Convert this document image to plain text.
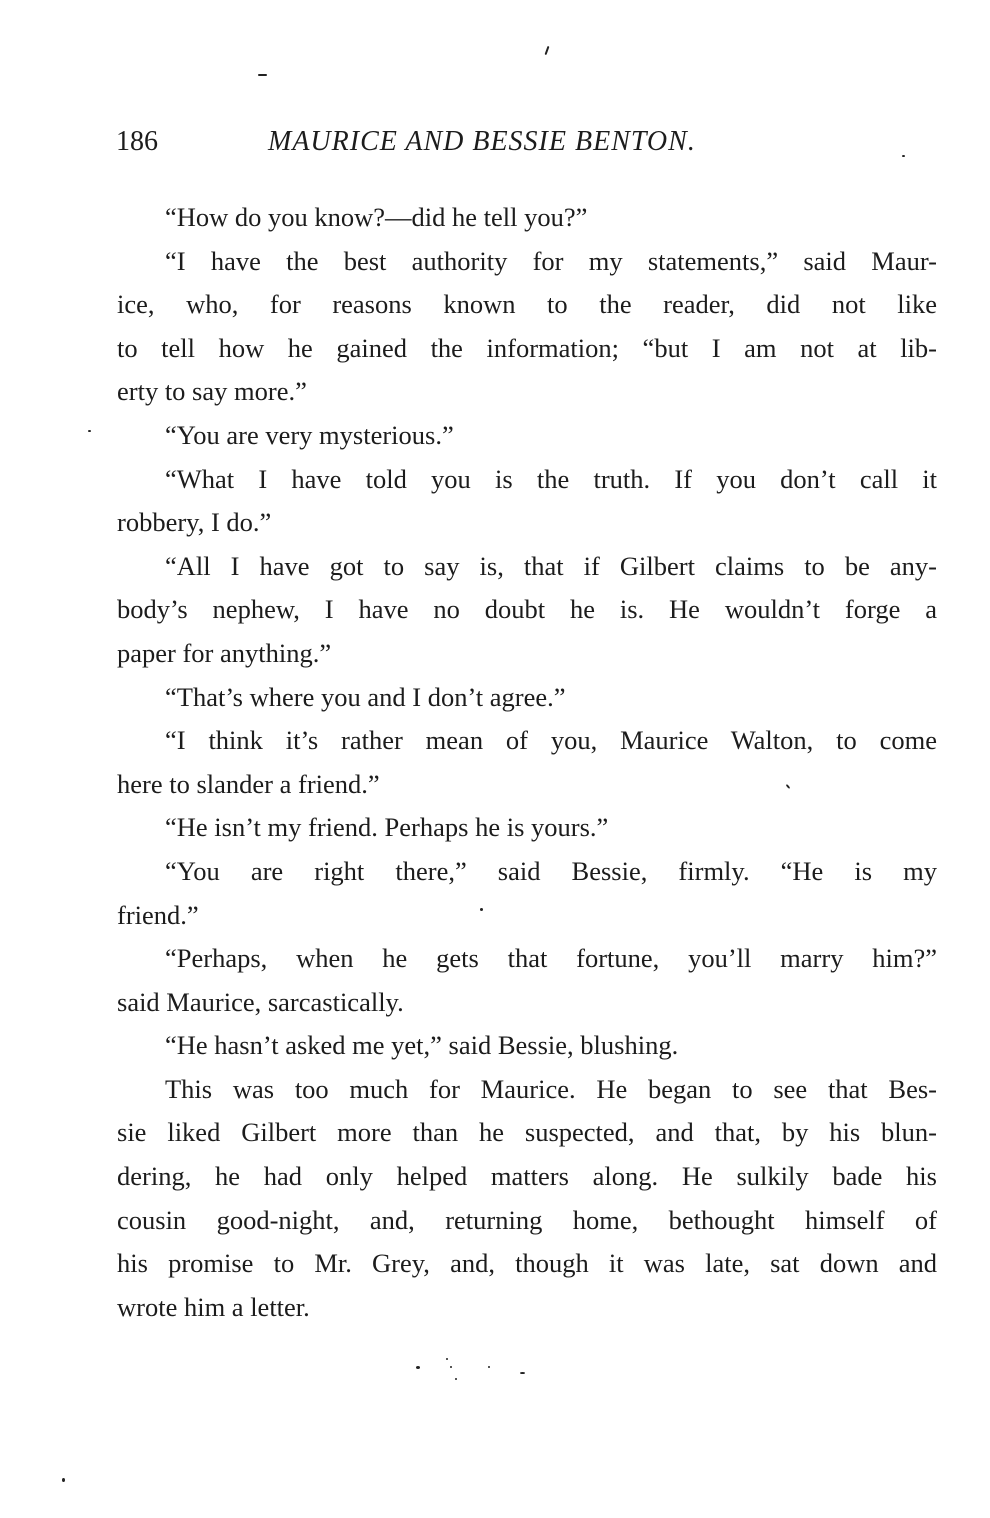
186	MAURICE AND BESSIE BENTON.
“How do you know?—did he tell you?”
“I have the best authority for my statements,” said Maur-
ice, who, for reasons known to the reader, did not like
to tell how he gained the information; “but I am not at lib-
erty to say more.”
“You are very mysterious.”
“What I have told you is the truth. If you don’t call it
robbery, I do.”
“All I have got to say is, that if Gilbert claims to be any-
body’s nephew, I have no doubt he is. He wouldn’t forge a
paper for anything.”
“That’s where you and I don’t agree.”
“I think it’s rather mean of you, Maurice Walton, to come
here to slander a friend.”
“He isn’t my friend. Perhaps he is yours.”
“You are right there,” said Bessie, firmly. “He is my
friend.”
“Perhaps, when he gets that fortune, you’ll marry him?”
said Maurice, sarcastically.
“He hasn’t asked me yet,” said Bessie, blushing.
This was too much for Maurice. He began to see that Bes-
sie liked Gilbert more than he suspected, and that, by his blun-
dering, he had only helped matters along. He sulkily bade his
cousin good-night, and, returning home, bethought himself of
his promise to Mr. Grey, and, though it was late, sat down and
wrote him a letter.
